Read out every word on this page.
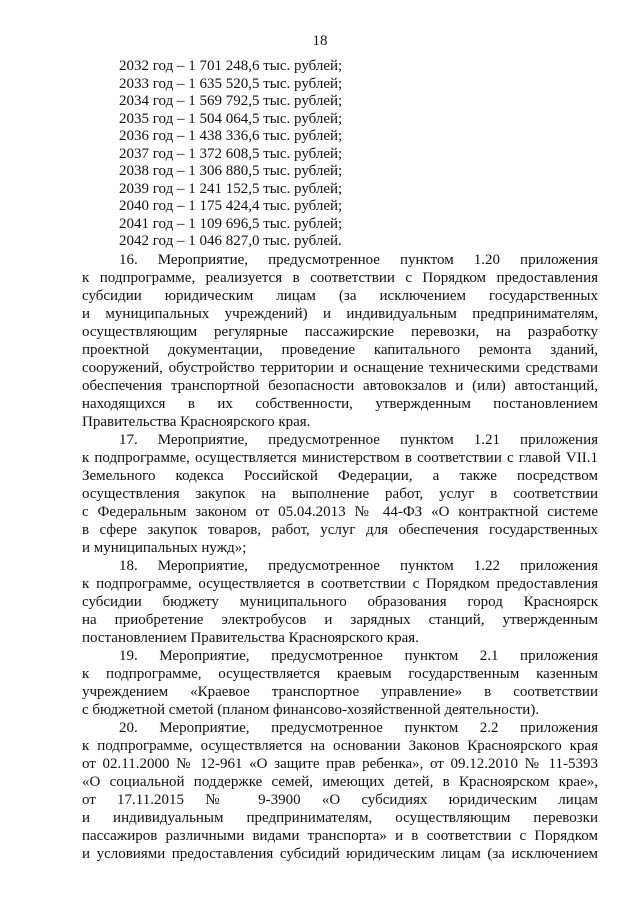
18
2032 год – 1 701 248,6 тыс. рублей;
2033 год – 1 635 520,5 тыс. рублей;
2034 год – 1 569 792,5 тыс. рублей;
2035 год – 1 504 064,5 тыс. рублей;
2036 год – 1 438 336,6 тыс. рублей;
2037 год – 1 372 608,5 тыс. рублей;
2038 год – 1 306 880,5 тыс. рублей;
2039 год – 1 241 152,5 тыс. рублей;
2040 год – 1 175 424,4 тыс. рублей;
2041 год – 1 109 696,5 тыс. рублей;
2042 год – 1 046 827,0 тыс. рублей.
16. Мероприятие, предусмотренное пунктом 1.20 приложения
к подпрограмме, реализуется в соответствии с Порядком предоставления
субсидии юридическим лицам (за исключением государственных
и муниципальных учреждений) и индивидуальным предпринимателям,
осуществляющим регулярные пассажирские перевозки, на разработку
проектной документации, проведение капитального ремонта зданий,
сооружений, обустройство территории и оснащение техническими средствами
обеспечения транспортной безопасности автовокзалов и (или) автостанций,
находящихся в их собственности, утвержденным постановлением
Правительства Красноярского края.
17. Мероприятие, предусмотренное пунктом 1.21 приложения
к подпрограмме, осуществляется министерством в соответствии с главой VII.1
Земельного кодекса Российской Федерации, а также посредством
осуществления закупок на выполнение работ, услуг в соответствии
с Федеральным законом от 05.04.2013 № 44-ФЗ «О контрактной системе
в сфере закупок товаров, работ, услуг для обеспечения государственных
и муниципальных нужд»;
18. Мероприятие, предусмотренное пунктом 1.22 приложения
к подпрограмме, осуществляется в соответствии с Порядком предоставления
субсидии бюджету муниципального образования город Красноярск
на приобретение электробусов и зарядных станций, утвержденным
постановлением Правительства Красноярского края.
19. Мероприятие, предусмотренное пунктом 2.1 приложения
к подпрограмме, осуществляется краевым государственным казенным
учреждением «Краевое транспортное управление» в соответствии
с бюджетной сметой (планом финансово-хозяйственной деятельности).
20. Мероприятие, предусмотренное пунктом 2.2 приложения
к подпрограмме, осуществляется на основании Законов Красноярского края
от 02.11.2000 № 12-961 «О защите прав ребенка», от 09.12.2010 № 11-5393
«О социальной поддержке семей, имеющих детей, в Красноярском крае»,
от 17.11.2015 № 9-3900 «О субсидиях юридическим лицам
и индивидуальным предпринимателям, осуществляющим перевозки
пассажиров различными видами транспорта» и в соответствии с Порядком
и условиями предоставления субсидий юридическим лицам (за исключением
